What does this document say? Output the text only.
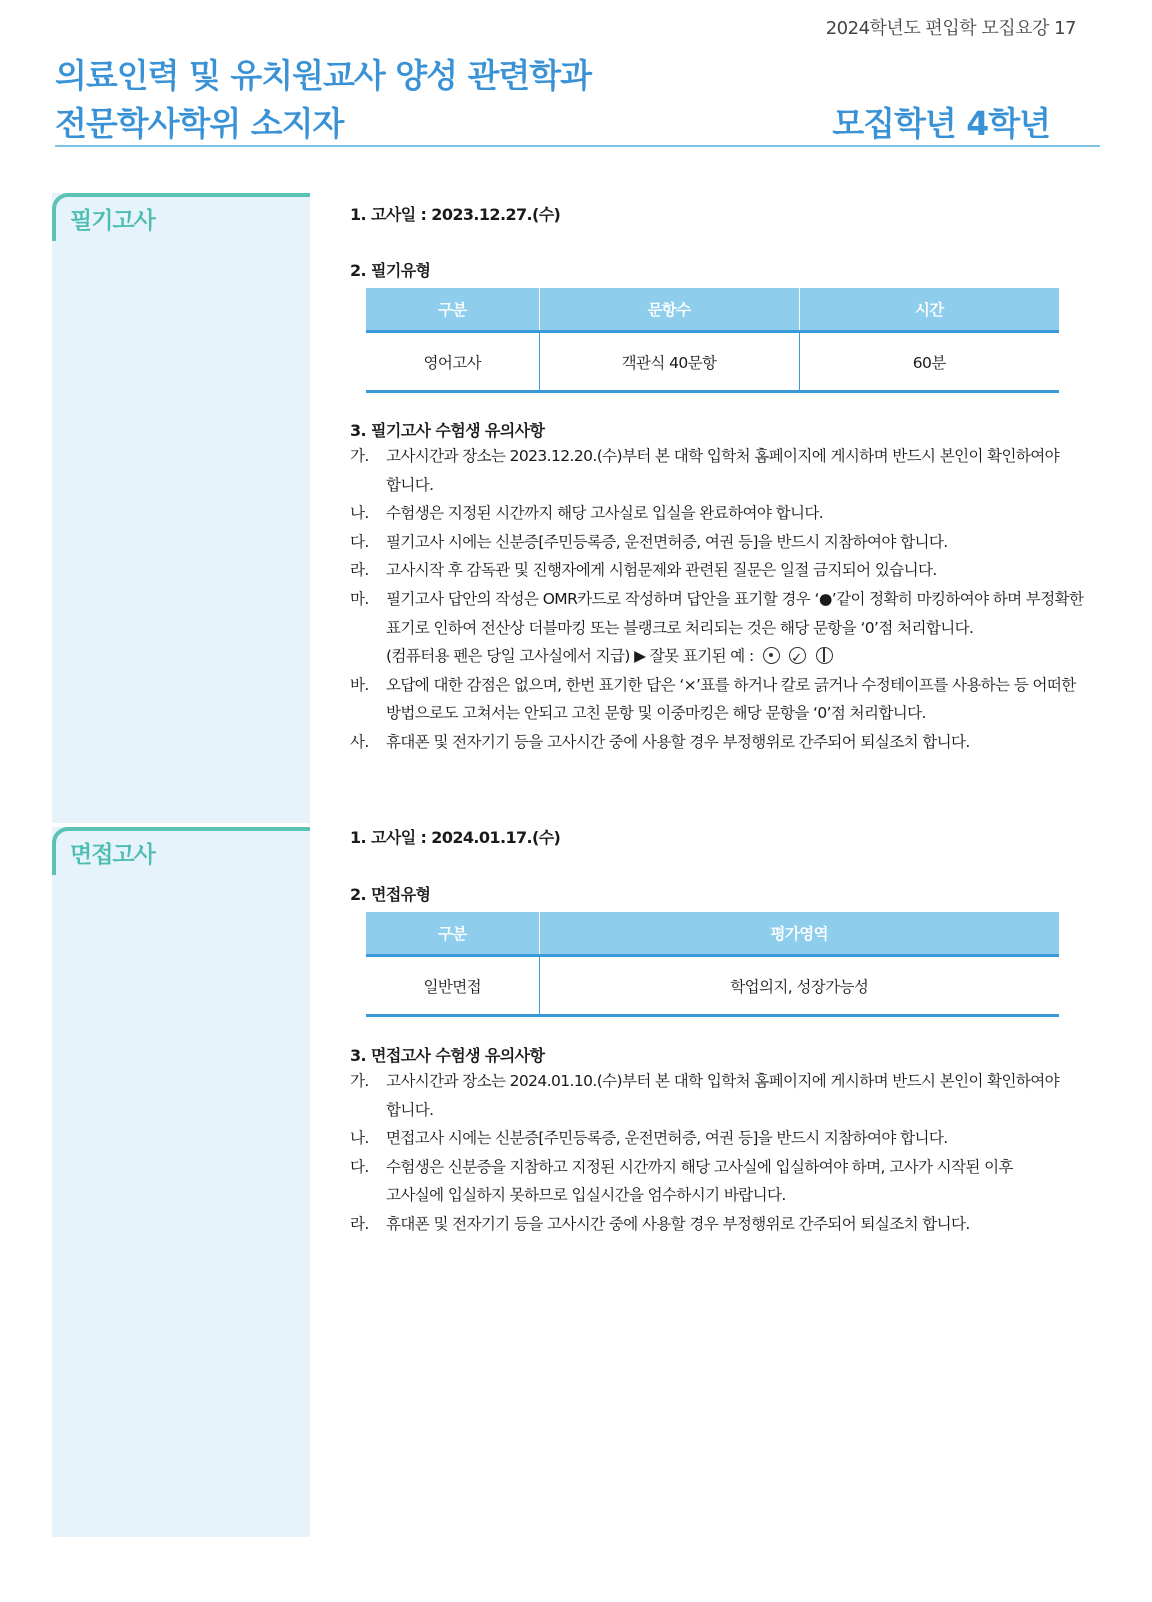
2024학년도 편입학 모집요강 17
의료인력 및 유치원교사 양성 관련학과
전문학사학위 소지자	모집학년 4학년
필기고사
면접고사
1. 고사일 : 2023.12.27.(수)
2. 필기유형
구분	문항수	시간
영어고사	객관식 40문항	60분
3. 필기고사 수험생 유의사항
가. 고사시간과 장소는 2023.12.20.(수)부터 본 대학 입학처 홈페이지에 게시하며 반드시 본인이 확인하여야
합니다.
나. 수험생은 지정된 시간까지 해당 고사실로 입실을 완료하여야 합니다.
다. 필기고사 시에는 신분증[주민등록증, 운전면허증, 여권 등]을 반드시 지참하여야 합니다.
라. 고사시작 후 감독관 및 진행자에게 시험문제와 관련된 질문은 일절 금지되어 있습니다.
마. 필기고사 답안의 작성은 OMR카드로 작성하며 답안을 표기할 경우 ‘●’같이 정확히 마킹하여야 하며 부정확한
표기로 인하여 전산상 더블마킹 또는 블랭크로 처리되는 것은 해당 문항을 ‘0’점 처리합니다.
(컴퓨터용 펜은 당일 고사실에서 지급) ▶ 잘못 표기된 예 :  ✓
바. 오답에 대한 감점은 없으며, 한번 표기한 답은 ‘×’표를 하거나 칼로 긁거나 수정테이프를 사용하는 등 어떠한
방법으로도 고쳐서는 안되고 고친 문항 및 이중마킹은 해당 문항을 ‘0’점 처리합니다.
사. 휴대폰 및 전자기기 등을 고사시간 중에 사용할 경우 부정행위로 간주되어 퇴실조치 합니다.
1. 고사일 : 2024.01.17.(수)
2. 면접유형
구분	평가영역
일반면접	학업의지, 성장가능성
3. 면접고사 수험생 유의사항
가. 고사시간과 장소는 2024.01.10.(수)부터 본 대학 입학처 홈페이지에 게시하며 반드시 본인이 확인하여야
합니다.
나. 면접고사 시에는 신분증[주민등록증, 운전면허증, 여권 등]을 반드시 지참하여야 합니다.
다. 수험생은 신분증을 지참하고 지정된 시간까지 해당 고사실에 입실하여야 하며, 고사가 시작된 이후
고사실에 입실하지 못하므로 입실시간을 엄수하시기 바랍니다.
라. 휴대폰 및 전자기기 등을 고사시간 중에 사용할 경우 부정행위로 간주되어 퇴실조치 합니다.
